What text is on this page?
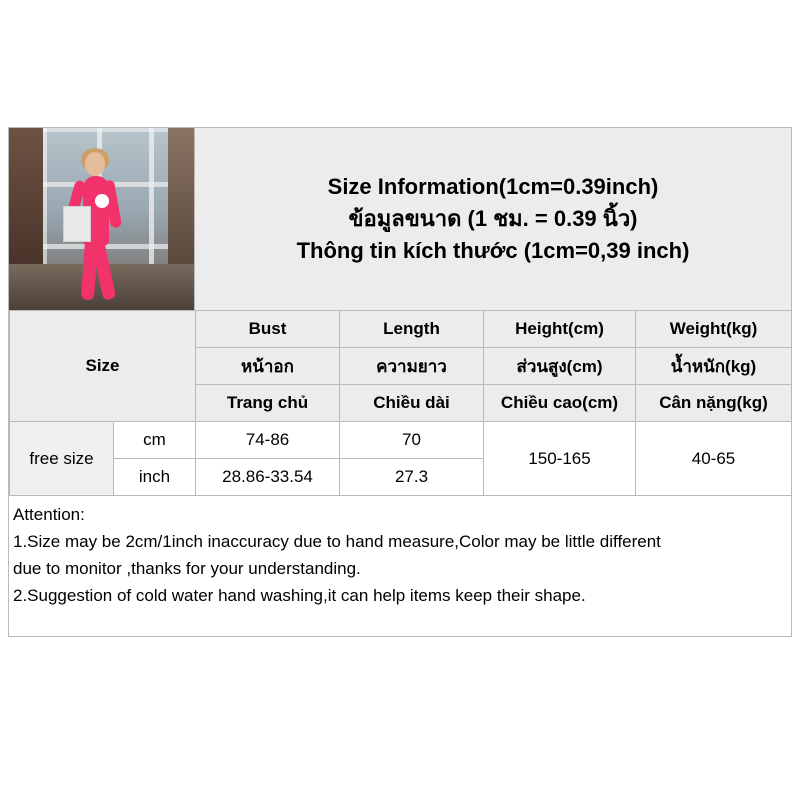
Size Information(1cm=0.39inch)
ข้อมูลขนาด (1 ชม. = 0.39 นิ้ว)
Thông tin kích thước (1cm=0,39 inch)
Size		Bust	Length	Height(cm)	Weight(kg)
		หน้าอก	ความยาว	ส่วนสูง(cm)	น้ำหนัก(kg)
		Trang chủ	Chiều dài	Chiều cao(cm)	Cân nặng(kg)
free size	cm	74-86	70	150-165	40-65
	inch	28.86-33.54	27.3		

Attention:

1.Size may be 2cm/1inch inaccuracy due to hand measure,Color may be little different

due to monitor ,thanks for your understanding.

2.Suggestion of cold water hand washing,it can help items keep their shape.
